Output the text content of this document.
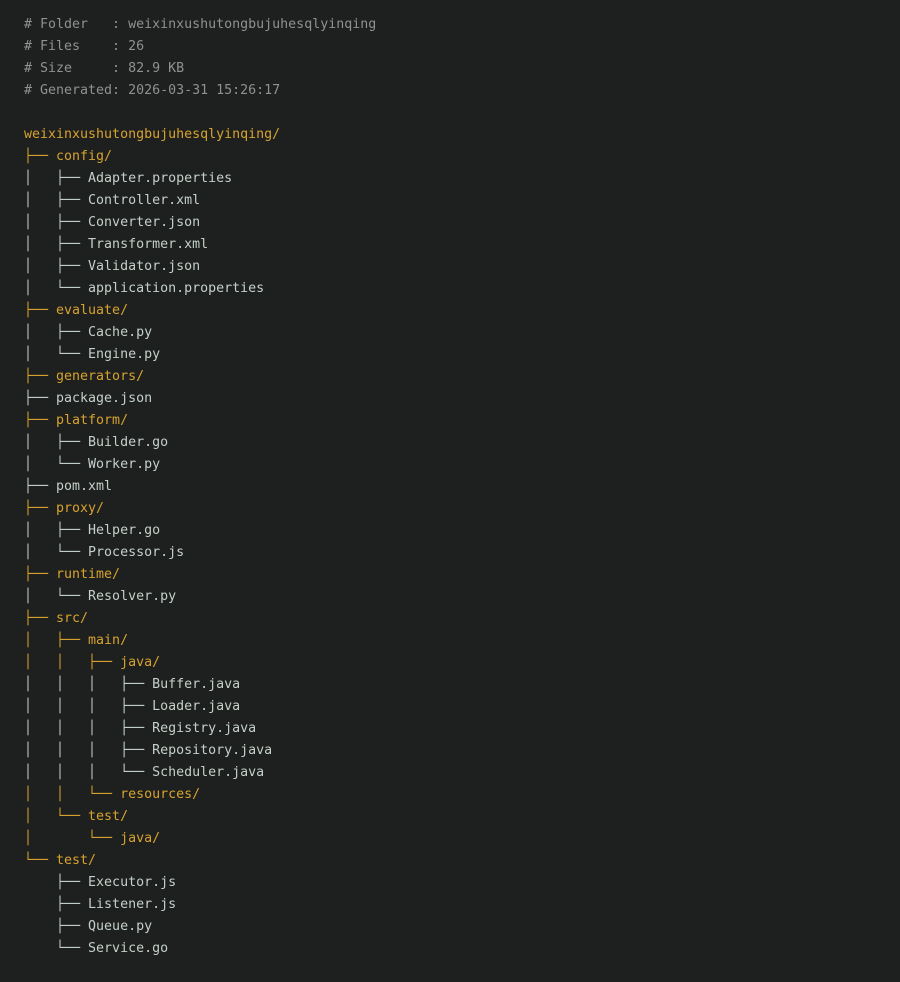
# Folder   : weixinxushutongbujuhesqlyinqing
# Files    : 26
# Size     : 82.9 KB
# Generated: 2026-03-31 15:26:17
weixinxushutongbujuhesqlyinqing/
├── config/
│   ├── Adapter.properties
│   ├── Controller.xml
│   ├── Converter.json
│   ├── Transformer.xml
│   ├── Validator.json
│   └── application.properties
├── evaluate/
│   ├── Cache.py
│   └── Engine.py
├── generators/
├── package.json
├── platform/
│   ├── Builder.go
│   └── Worker.py
├── pom.xml
├── proxy/
│   ├── Helper.go
│   └── Processor.js
├── runtime/
│   └── Resolver.py
├── src/
│   ├── main/
│   │   ├── java/
│   │   │   ├── Buffer.java
│   │   │   ├── Loader.java
│   │   │   ├── Registry.java
│   │   │   ├── Repository.java
│   │   │   └── Scheduler.java
│   │   └── resources/
│   └── test/
│       └── java/
└── test/
├── Executor.js
├── Listener.js
├── Queue.py
└── Service.go
